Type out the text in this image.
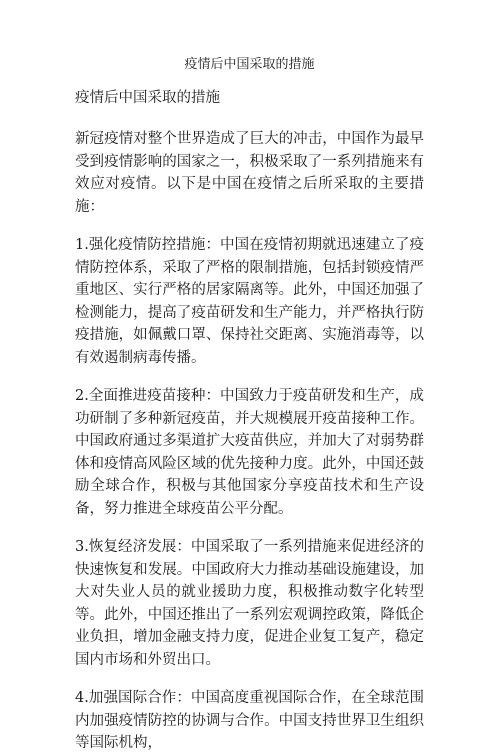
疫情后中国采取的措施
疫情后中国采取的措施

新冠疫情对整个世界造成了巨大的冲击，中国作为最早受到疫情影响的国家之一，积极采取了一系列措施来有效应对疫情。以下是中国在疫情之后所采取的主要措施：

1.强化疫情防控措施：中国在疫情初期就迅速建立了疫情防控体系，采取了严格的限制措施，包括封锁疫情严重地区、实行严格的居家隔离等。此外，中国还加强了检测能力，提高了疫苗研发和生产能力，并严格执行防疫措施，如佩戴口罩、保持社交距离、实施消毒等，以有效遏制病毒传播。

2.全面推进疫苗接种：中国致力于疫苗研发和生产，成功研制了多种新冠疫苗，并大规模展开疫苗接种工作。中国政府通过多渠道扩大疫苗供应，并加大了对弱势群体和疫情高风险区域的优先接种力度。此外，中国还鼓励全球合作，积极与其他国家分享疫苗技术和生产设备，努力推进全球疫苗公平分配。

3.恢复经济发展：中国采取了一系列措施来促进经济的快速恢复和发展。中国政府大力推动基础设施建设，加大对失业人员的就业援助力度，积极推动数字化转型等。此外，中国还推出了一系列宏观调控政策，降低企业负担，增加金融支持力度，促进企业复工复产，稳定国内市场和外贸出口。

4.加强国际合作：中国高度重视国际合作，在全球范围内加强疫情防控的协调与合作。中国支持世界卫生组织等国际机构，
